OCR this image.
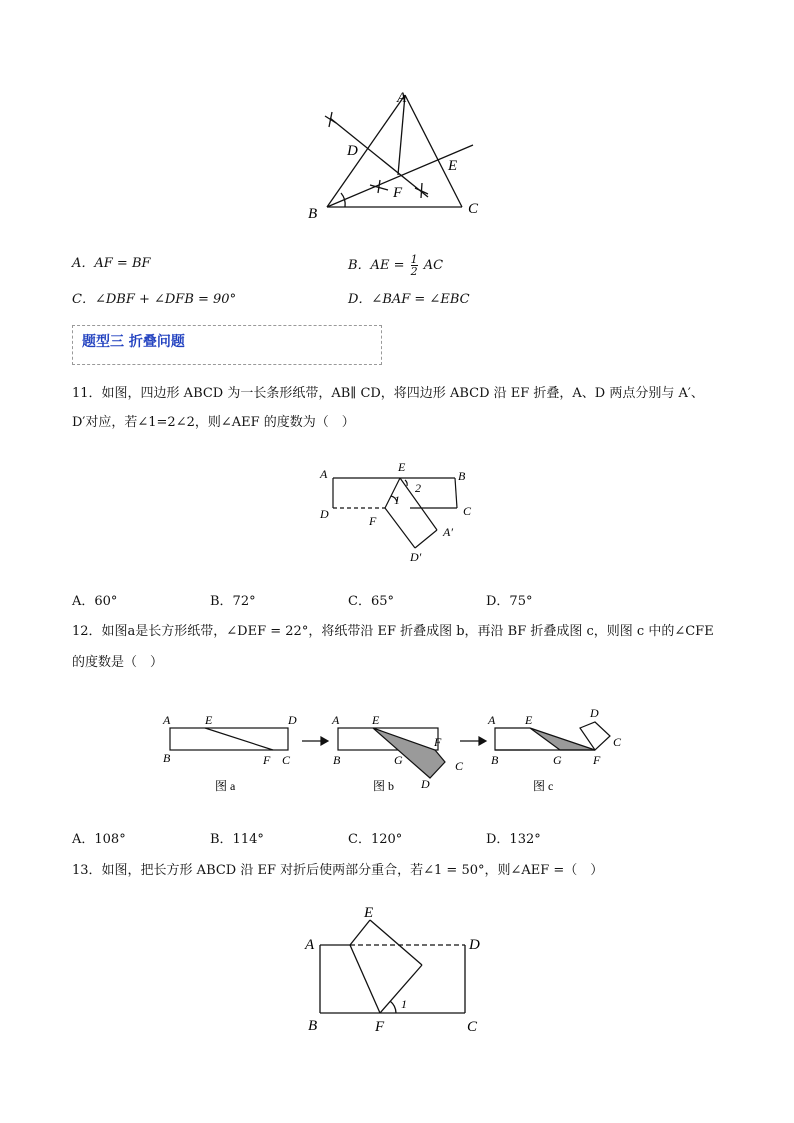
A
D
E
F
B	C
A．AF = BF	B．AE = $\frac{1}{2}$ AC
C．∠DBF + ∠DFB = 90°	D．∠BAF = ∠EBC
题型三 折叠问题
11．如图，四边形 ABCD 为一长条形纸带，AB∥ CD，将四边形 ABCD 沿 EF 折叠，A、D 两点分别与 A′、
D′对应，若∠1=2∠2，则∠AEF 的度数为（　）
A	E
B
2
1
D	C
F
A′
D′
A．60°	B．72°	C．65°	D．75°
12．如图a是长方形纸带，∠DEF = 22°，将纸带沿 EF 折叠成图 b，再沿 BF 折叠成图 c，则图 c 中的∠CFE
的度数是（　）
A	E	D
B	F C
图 a
A	E
F
B	G	C
D
图 b
A E	D
C
B	G	F
图 c
A．108°	B．114°	C．120°	D．132°
13．如图，把长方形 ABCD 沿 EF 对折后使两部分重合，若∠1 = 50°，则∠AEF =（　）
E
A	D
1
B	F	C
